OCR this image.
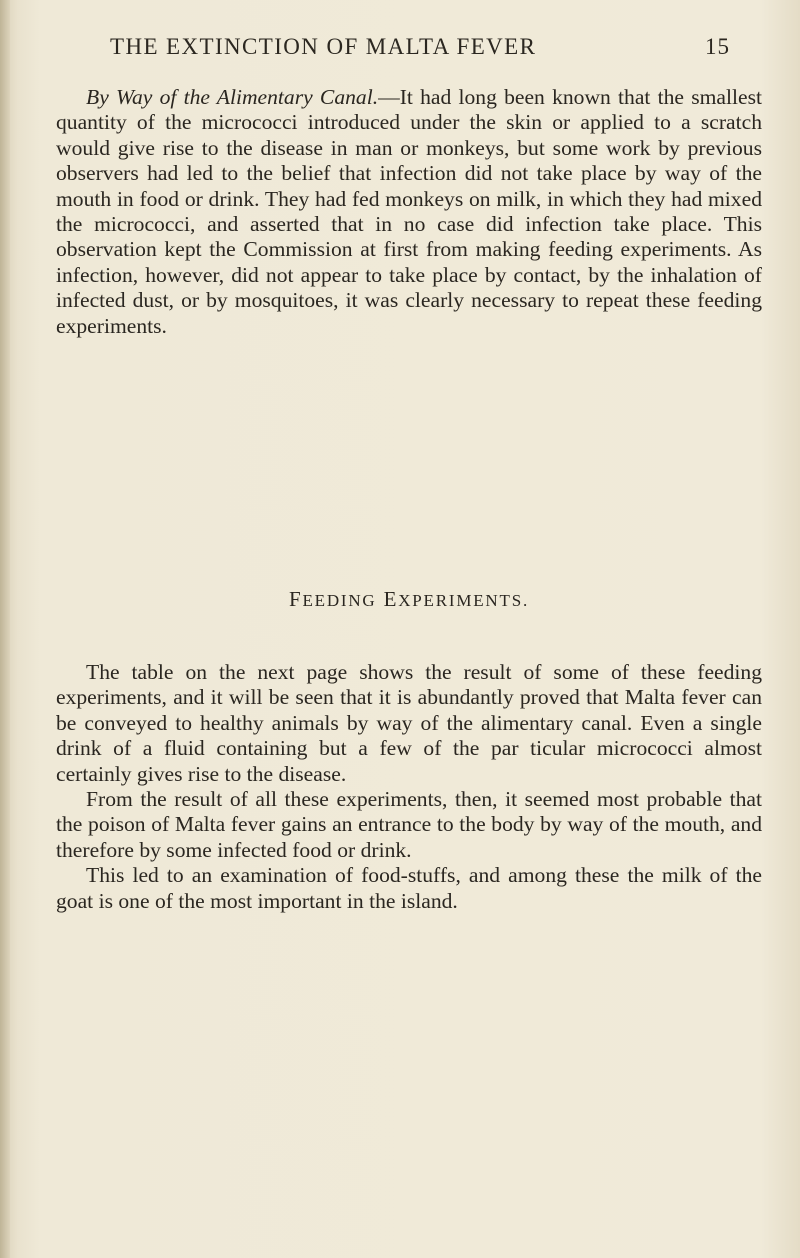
THE EXTINCTION OF MALTA FEVER	15
By Way of the Alimentary Canal.—It had long been known that the smallest quantity of the micrococci introduced under the skin or applied to a scratch would give rise to the disease in man or monkeys, but some work by previous observers had led to the belief that infection did not take place by way of the mouth in food or drink. They had fed monkeys on milk, in which they had mixed the micrococci, and asserted that in no case did infection take place. This observation kept the Commission at first from making feeding experiments. As infection, however, did not appear to take place by contact, by the inhalation of infected dust, or by mosquitoes, it was clearly necessary to repeat these feeding experiments.
FEEDING EXPERIMENTS.

The table on the next page shows the result of some of these feeding experiments, and it will be seen that it is abundantly proved that Malta fever can be conveyed to healthy animals by way of the alimentary canal. Even a single drink of a fluid containing but a few of the par ticular micrococci almost certainly gives rise to the disease.

From the result of all these experiments, then, it seemed most probable that the poison of Malta fever gains an entrance to the body by way of the mouth, and therefore by some infected food or drink.

This led to an examination of food-stuffs, and among these the milk of the goat is one of the most important in the island.
